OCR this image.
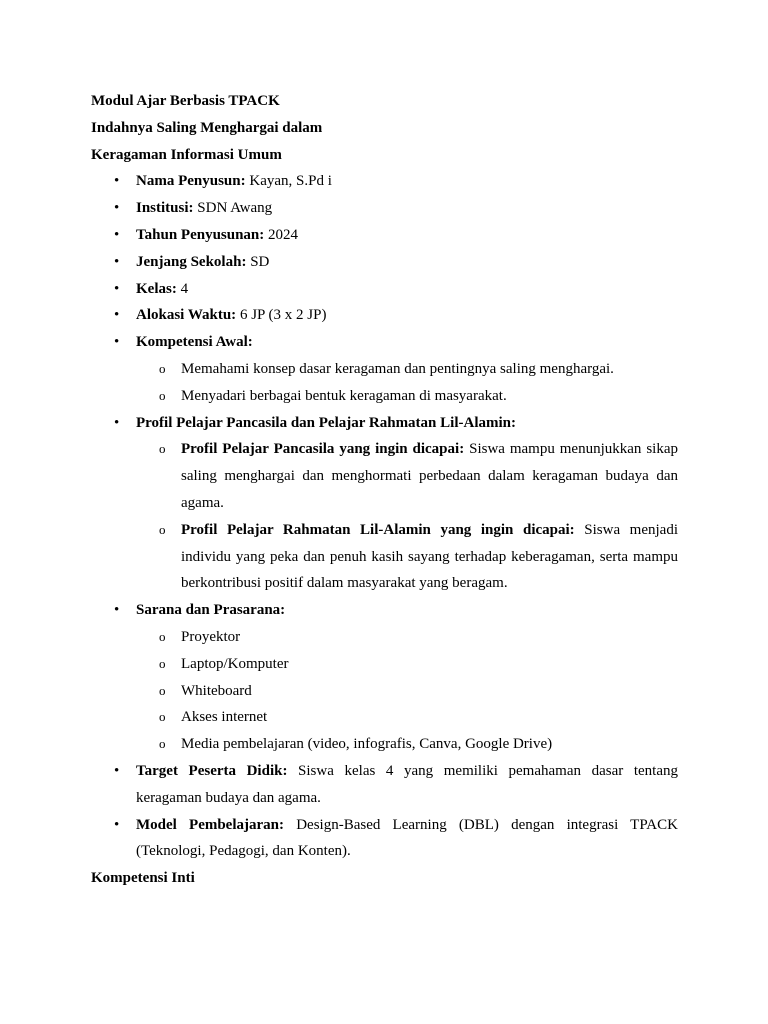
Modul Ajar Berbasis TPACK

Indahnya Saling Menghargai dalam

Keragaman Informasi Umum

• Nama Penyusun: Kayan, S.Pd i
• Institusi: SDN Awang
• Tahun Penyusunan: 2024
• Jenjang Sekolah: SD
• Kelas: 4
• Alokasi Waktu: 6 JP (3 x 2 JP)
• Kompetensi Awal:
o Memahami konsep dasar keragaman dan pentingnya saling menghargai.
o Menyadari berbagai bentuk keragaman di masyarakat.
• Profil Pelajar Pancasila dan Pelajar Rahmatan Lil-Alamin:
o Profil Pelajar Pancasila yang ingin dicapai: Siswa mampu menunjukkan sikap saling menghargai dan menghormati perbedaan dalam keragaman budaya dan agama.
o Profil Pelajar Rahmatan Lil-Alamin yang ingin dicapai: Siswa menjadi individu yang peka dan penuh kasih sayang terhadap keberagaman, serta mampu berkontribusi positif dalam masyarakat yang beragam.
• Sarana dan Prasarana:
o Proyektor
o Laptop/Komputer
o Whiteboard
o Akses internet
o Media pembelajaran (video, infografis, Canva, Google Drive)
• Target Peserta Didik: Siswa kelas 4 yang memiliki pemahaman dasar tentang keragaman budaya dan agama.
• Model Pembelajaran: Design-Based Learning (DBL) dengan integrasi TPACK (Teknologi, Pedagogi, dan Konten).

Kompetensi Inti
